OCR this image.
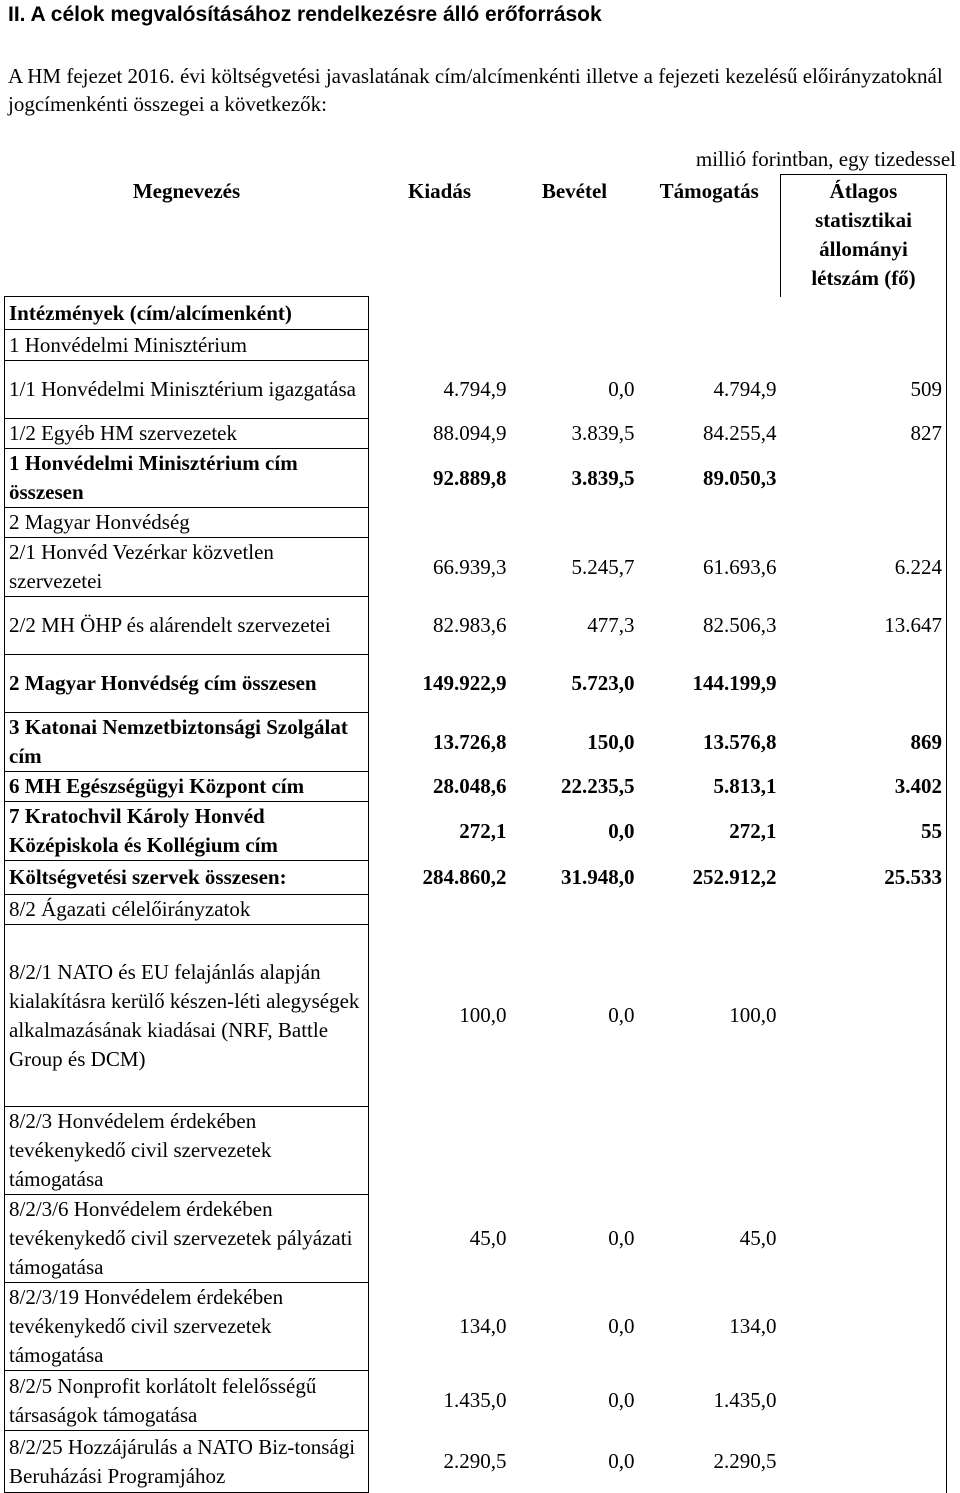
II. A célok megvalósításához rendelkezésre álló erőforrások
A HM fejezet 2016. évi költségvetési javaslatának cím/alcímenkénti illetve a fejezeti kezelésű előirányzatoknál jogcímenkénti összegei a következők:
millió forintban, egy tizedessel
Megnevezés	Kiadás	Bevétel	Támogatás	Átlagos statisztikai állományi létszám (fő)
Intézmények (cím/alcímenként)				
1 Honvédelmi Minisztérium				
1/1 Honvédelmi Minisztérium igazgatása	4.794,9	0,0	4.794,9	509
1/2 Egyéb HM szervezetek	88.094,9	3.839,5	84.255,4	827
1 Honvédelmi Minisztérium cím összesen	92.889,8	3.839,5	89.050,3	
2 Magyar Honvédség				
2/1 Honvéd Vezérkar közvetlen szervezetei	66.939,3	5.245,7	61.693,6	6.224
2/2 MH ÖHP és alárendelt szervezetei	82.983,6	477,3	82.506,3	13.647
2 Magyar Honvédség cím összesen	149.922,9	5.723,0	144.199,9	
3 Katonai Nemzetbiztonsági Szolgálat cím	13.726,8	150,0	13.576,8	869
6 MH Egészségügyi Központ cím	28.048,6	22.235,5	5.813,1	3.402
7 Kratochvil Károly Honvéd Középiskola és Kollégium cím	272,1	0,0	272,1	55
Költségvetési szervek összesen:	284.860,2	31.948,0	252.912,2	25.533
8/2 Ágazati célelőirányzatok				
8/2/1 NATO és EU felajánlás alapján kialakításra kerülő készen-léti alegységek alkalmazásának kiadásai (NRF, Battle Group és DCM)	100,0	0,0	100,0	
8/2/3 Honvédelem érdekében tevékenykedő civil szervezetek támogatása				
8/2/3/6 Honvédelem érdekében tevékenykedő civil szervezetek pályázati támogatása	45,0	0,0	45,0	
8/2/3/19 Honvédelem érdekében tevékenykedő civil szervezetek támogatása	134,0	0,0	134,0	
8/2/5 Nonprofit korlátolt felelősségű társaságok támogatása	1.435,0	0,0	1.435,0	
8/2/25 Hozzájárulás a NATO Biz-tonsági Beruházási Programjához	2.290,5	0,0	2.290,5	
